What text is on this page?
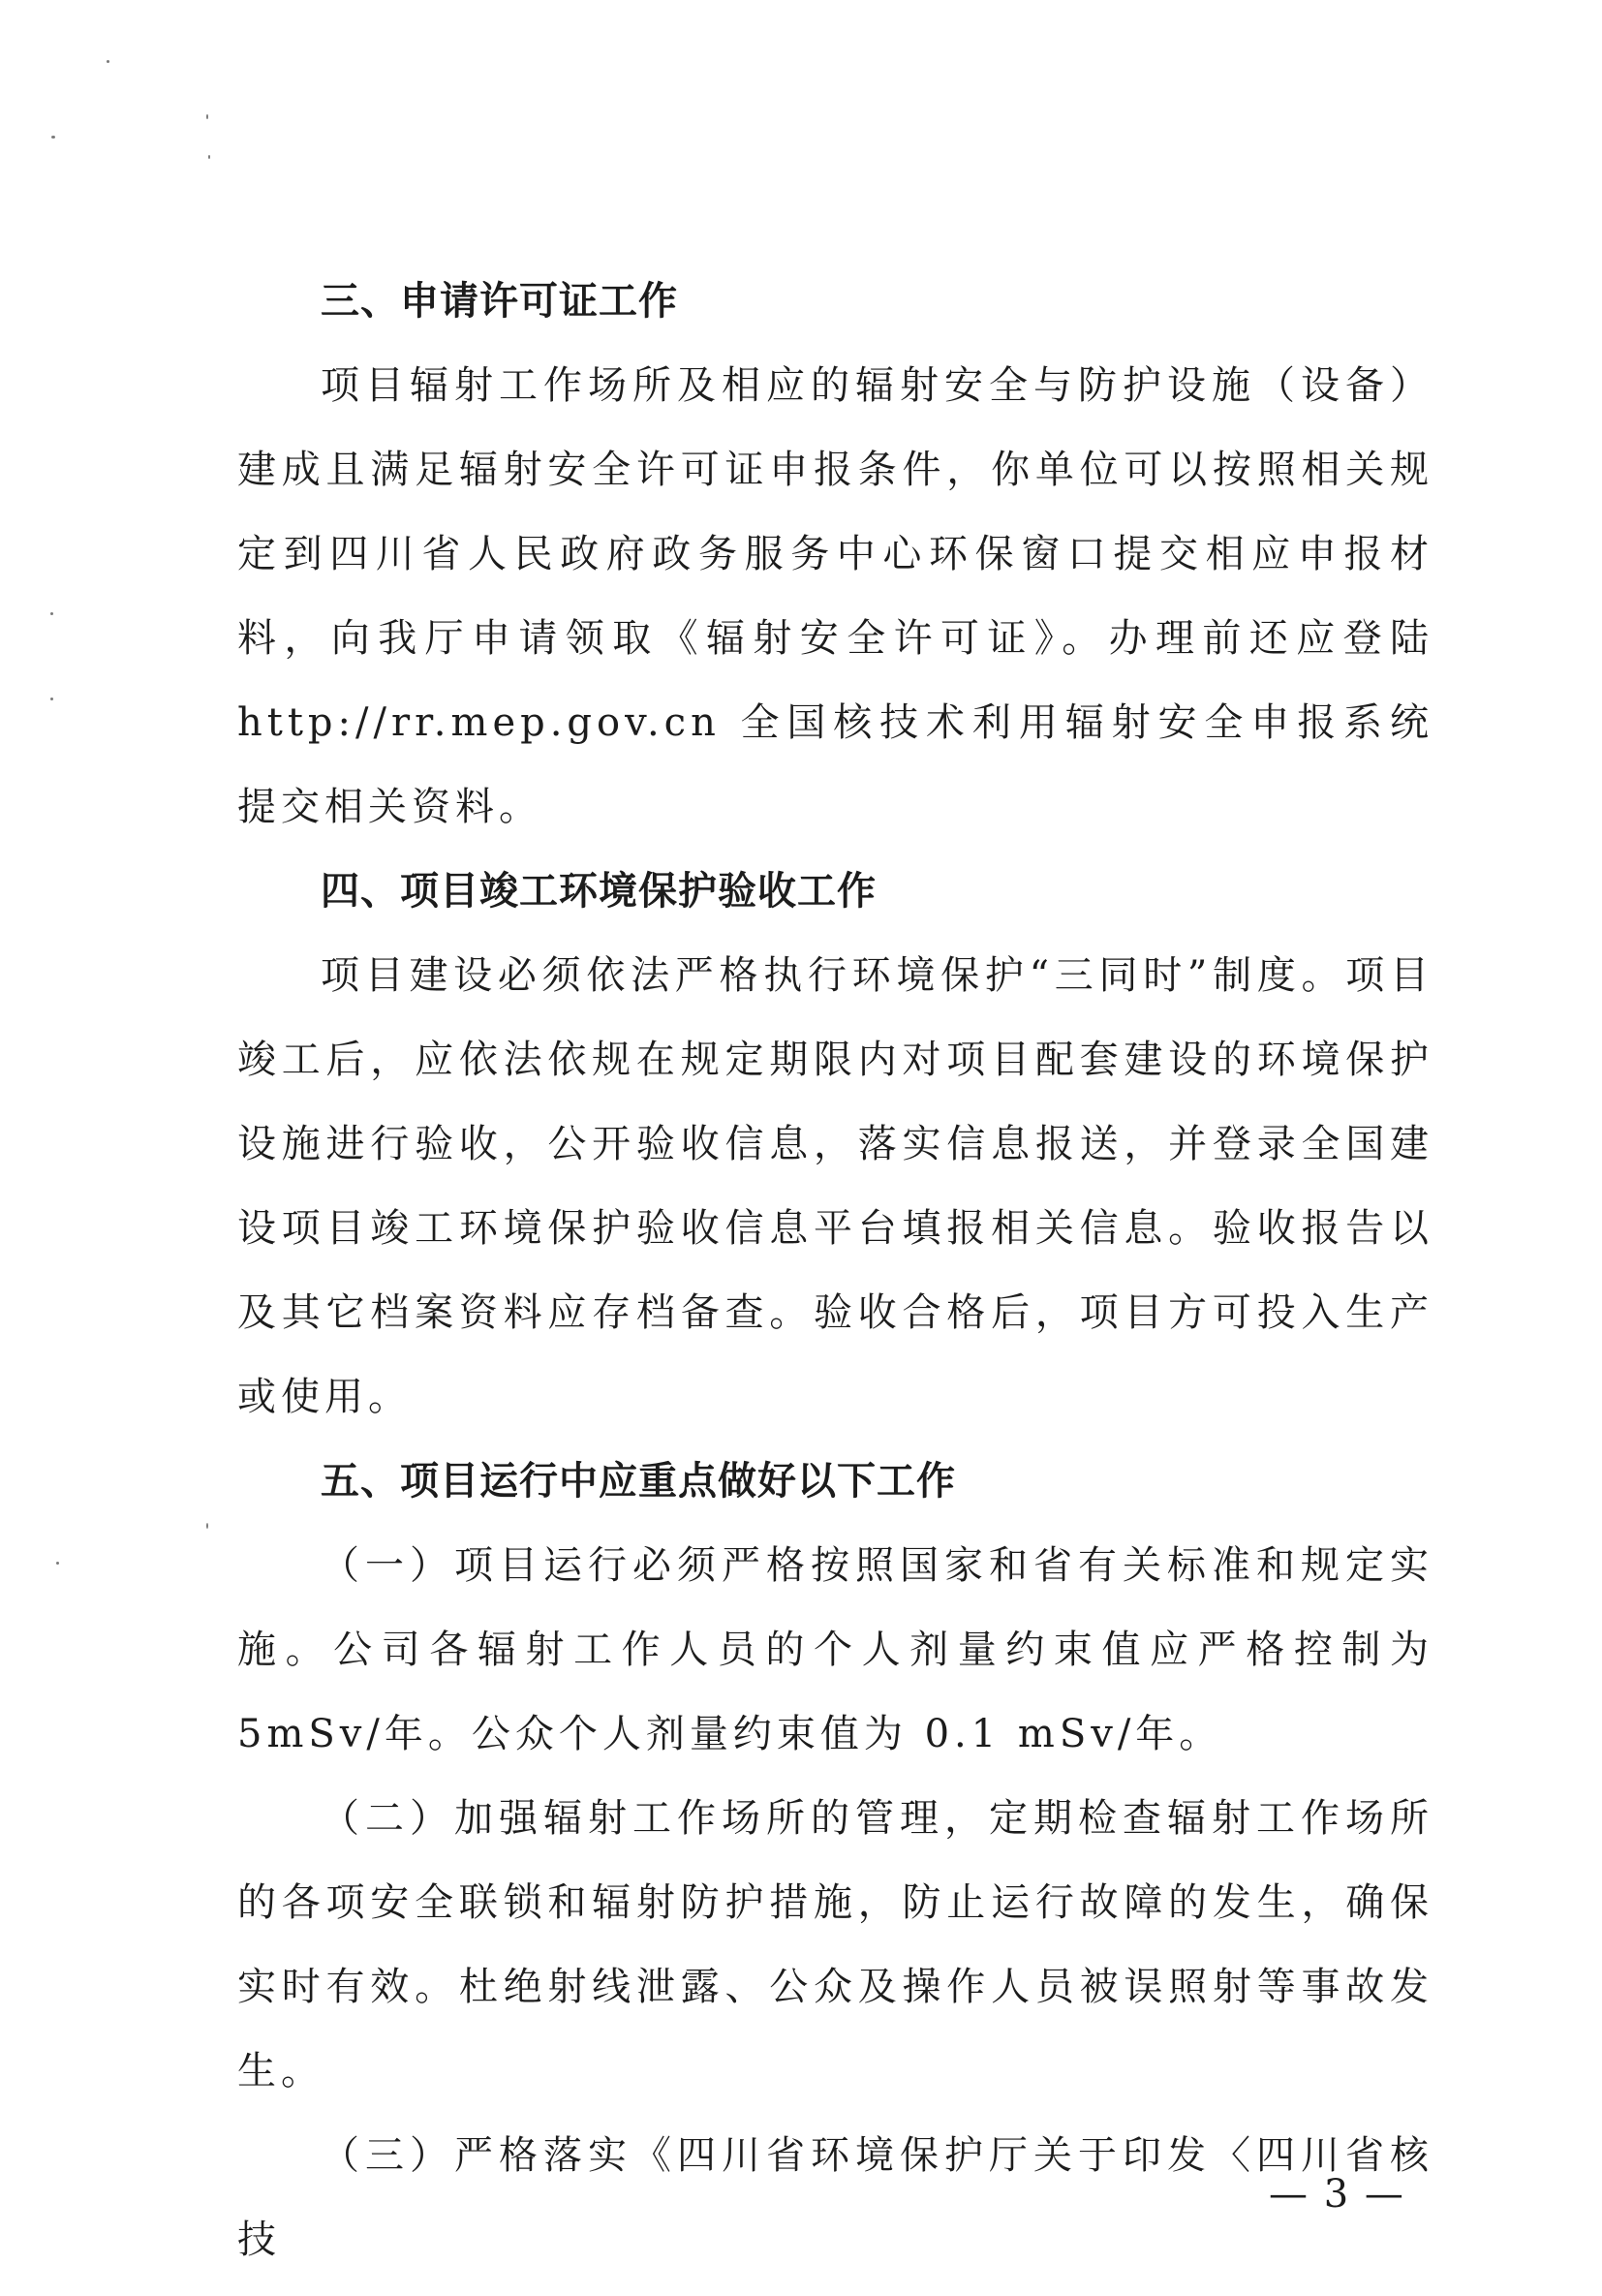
三、申请许可证工作

项目辐射工作场所及相应的辐射安全与防护设施（设备）建成且满足辐射安全许可证申报条件，你单位可以按照相关规定到四川省人民政府政务服务中心环保窗口提交相应申报材料，向我厅申请领取《辐射安全许可证》。办理前还应登陆http://rr.mep.gov.cn 全国核技术利用辐射安全申报系统提交相关资料。

四、项目竣工环境保护验收工作

项目建设必须依法严格执行环境保护“三同时”制度。项目竣工后，应依法依规在规定期限内对项目配套建设的环境保护设施进行验收，公开验收信息，落实信息报送，并登录全国建设项目竣工环境保护验收信息平台填报相关信息。验收报告以及其它档案资料应存档备查。验收合格后，项目方可投入生产或使用。

五、项目运行中应重点做好以下工作

（一）项目运行必须严格按照国家和省有关标准和规定实施。公司各辐射工作人员的个人剂量约束值应严格控制为 5mSv/年。公众个人剂量约束值为 0.1 mSv/年。

（二）加强辐射工作场所的管理，定期检查辐射工作场所的各项安全联锁和辐射防护措施，防止运行故障的发生，确保实时有效。杜绝射线泄露、公众及操作人员被误照射等事故发生。

（三）严格落实《四川省环境保护厅关于印发〈四川省核技

— 3 —
